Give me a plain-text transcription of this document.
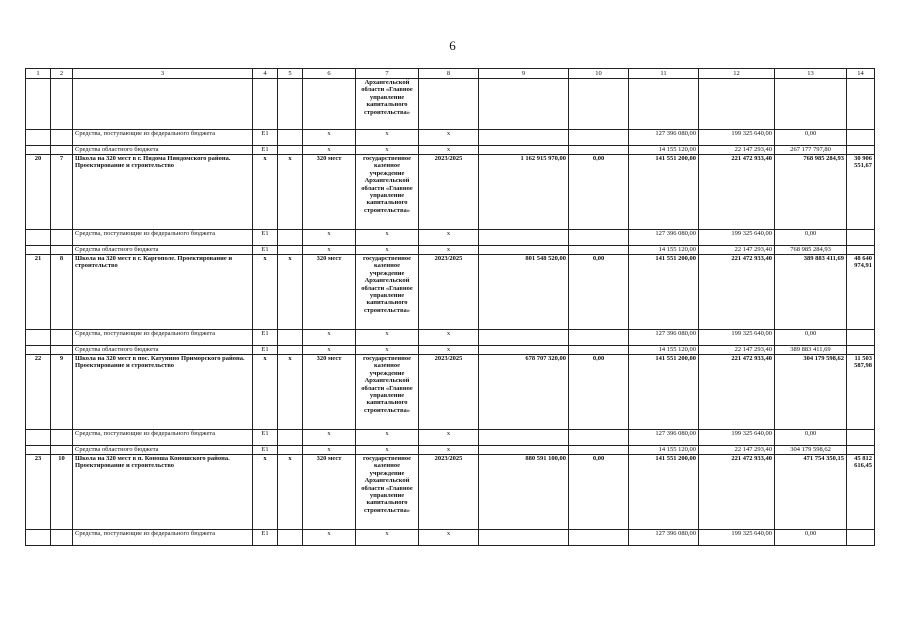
6
1	2	3	4	5	6	7	8	9	10	11	12	13	14
						Архангельской области «Главное управление капитального строительства»							
		Средства, поступающие из федерального бюджета	E1		x	x	x			127 396 080,00	199 325 640,00	0,00	
		Средства областного бюджета	E1		x	x	x			14 155 120,00	22 147 293,40	267 177 797,80	
20	7	Школа на 320 мест в г. Нядома Няндомского района. Проектирование и строительство	x	x	320 мест	государственное казенное учреждение Архангельской области «Главное управление капитального строительства»	2023/2025	1 162 915 970,00	0,00	141 551 200,00	221 472 933,40	768 985 284,93	30 906 551,67
		Средства, поступающие из федерального бюджета	E1		x	x	x			127 396 080,00	199 325 640,00	0,00	
		Средства областного бюджета	E1		x	x	x			14 155 120,00	22 147 293,40	768 985 284,93	
21	8	Школа на 320 мест в г. Каргополе. Проектирование и строительство	x	x	320 мест	государственное казенное учреждение Архангельской области «Главное управление капитального строительства»	2023/2025	801 548 520,00	0,00	141 551 200,00	221 472 933,40	389 883 411,69	48 640 974,91
		Средства, поступающие из федерального бюджета	E1		x	x	x			127 396 080,00	199 325 640,00	0,00	
		Средства областного бюджета	E1		x	x	x			14 155 120,00	22 147 293,40	389 883 411,69	
22	9	Школа на 320 мест в пос. Катунино Приморского района. Проектирование и строительство	x	x	320 мест	государственное казенное учреждение Архангельской области «Главное управление капитального строительства»	2023/2025	678 707 320,00	0,00	141 551 200,00	221 472 933,40	304 179 598,62	11 503 587,98
		Средства, поступающие из федерального бюджета	E1		x	x	x			127 396 080,00	199 325 640,00	0,00	
		Средства областного бюджета	E1		x	x	x			14 155 120,00	22 147 293,40	304 179 598,62	
23	10	Школа на 320 мест в п. Коноша Коношского района. Проектирование и строительство	x	x	320 мест	государственное казенное учреждение Архангельской области «Главное управление капитального строительства»	2023/2025	880 591 100,00	0,00	141 551 200,00	221 472 933,40	471 754 350,15	45 812 616,45
		Средства, поступающие из федерального бюджета	E1		x	x	x			127 396 080,00	199 325 640,00	0,00	
